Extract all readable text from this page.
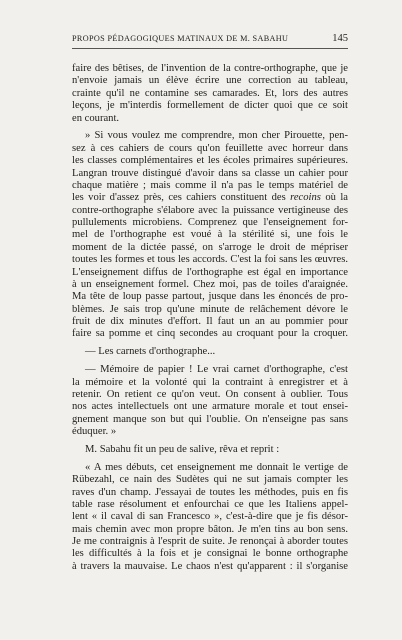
PROPOS PÉDAGOGIQUES MATINAUX DE M. SABAHU	145
faire des bêtises, de l'invention de la contre-orthographe, que je
n'envoie jamais un élève écrire une correction au tableau,
crainte qu'il ne contamine ses camarades. Et, lors des autres
leçons, je m'interdis formellement de dicter quoi que ce soit
en courant.
» Si vous voulez me comprendre, mon cher Pirouette, pen-
sez à ces cahiers de cours qu'on feuillette avec horreur dans
les classes complémentaires et les écoles primaires supérieures.
Langran trouve distingué d'avoir dans sa classe un cahier pour
chaque matière ; mais comme il n'a pas le temps matériel de
les voir d'assez près, ces cahiers constituent des recoins où la
contre-orthographe s'élabore avec la puissance vertigineuse des
pullulements microbiens. Comprenez que l'enseignement for-
mel de l'orthographe est voué à la stérilité si, une fois le
moment de la dictée passé, on s'arroge le droit de mépriser
toutes les formes et tous les accords. C'est la foi sans les œuvres.
L'enseignement diffus de l'orthographe est égal en importance
à un enseignement formel. Chez moi, pas de toiles d'araignée.
Ma tête de loup passe partout, jusque dans les énoncés de pro-
blèmes. Je sais trop qu'une minute de relâchement dévore le
fruit de dix minutes d'effort. Il faut un an au pommier pour
faire sa pomme et cinq secondes au croquant pour la croquer.
— Les carnets d'orthographe...
— Mémoire de papier ! Le vrai carnet d'orthographe, c'est
la mémoire et la volonté qui la contraint à enregistrer et à
retenir. On retient ce qu'on veut. On consent à oublier. Tous
nos actes intellectuels ont une armature morale et tout ensei-
gnement manque son but qui l'oublie. On n'enseigne pas sans
éduquer. »
M. Sabahu fit un peu de salive, rêva et reprit :
« A mes débuts, cet enseignement me donnait le vertige de
Rübezahl, ce nain des Sudètes qui ne sut jamais compter les
raves d'un champ. J'essayai de toutes les méthodes, puis en fis
table rase résolument et enfourchai ce que les Italiens appel-
lent « il caval di san Francesco », c'est-à-dire que je fis désor-
mais chemin avec mon propre bâton. Je m'en tins au bon sens.
Je me contraignis à l'esprit de suite. Je renonçai à aborder toutes
les difficultés à la fois et je consignai le bonne orthographe
à travers la mauvaise. Le chaos n'est qu'apparent : il s'organise
